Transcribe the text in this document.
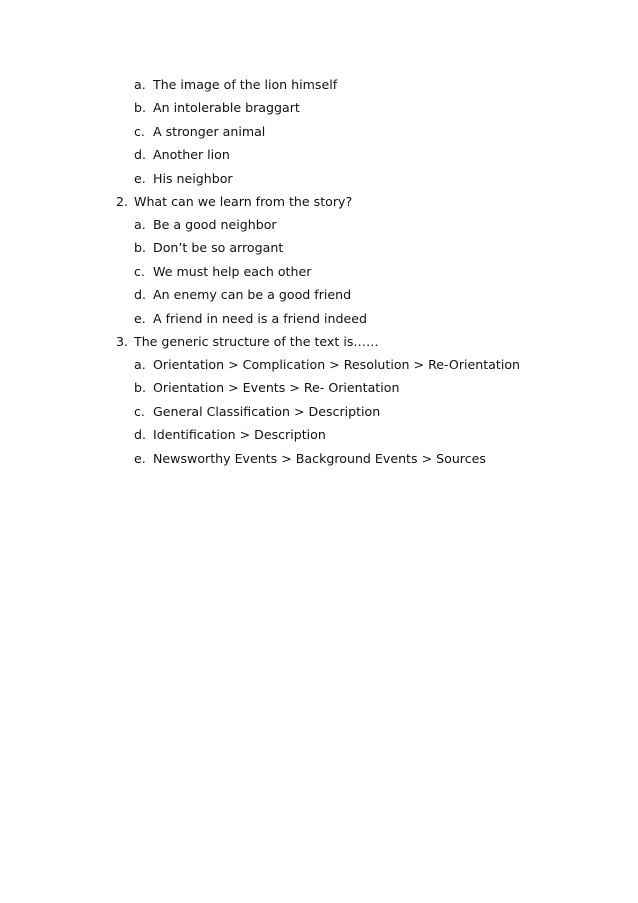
a. The image of the lion himself
b. An intolerable braggart
c. A stronger animal
d. Another lion
e. His neighbor
2. What can we learn from the story?
a. Be a good neighbor
b. Don’t be so arrogant
c. We must help each other
d. An enemy can be a good friend
e. A friend in need is a friend indeed
3. The generic structure of the text is……
a. Orientation > Complication > Resolution > Re-Orientation
b. Orientation > Events > Re- Orientation
c. General Classification > Description
d. Identification > Description
e. Newsworthy Events > Background Events > Sources
